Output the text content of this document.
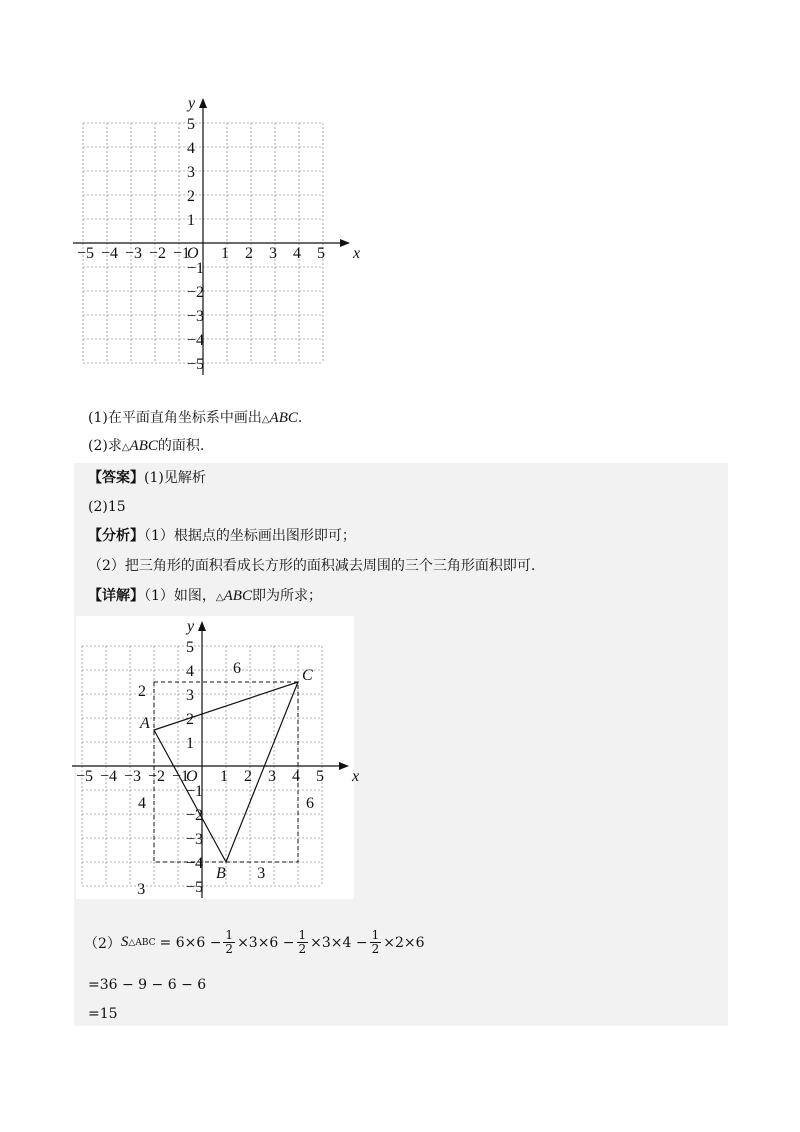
x
y
O
−5 −4 −3 −2 −1 1 2 3 4 5
5
4
3
2
1
−1
−2
−3
−4
−5
(1)在平面直角坐标系中画出△ABC.
(2)求△ABC的面积.
【答案】(1)见解析
(2)15
【分析】（1）根据点的坐标画出图形即可；
（2）把三角形的面积看成长方形的面积减去周围的三个三角形面积即可.
【详解】（1）如图，△ABC即为所求；
x
y
O
−5 −4 −3 −2 −1 1 2 3 4 5
5
4
3
2
1
−1
−2
−3
−4
−5
A
B
C
6
2
4	6
3
3
（2） S △ABC = $6\times 6 - \frac{1}{2} \times 3\times 6 - \frac{1}{2} \times 3\times 4 - \frac{1}{2} \times 2\times 6$
=36 − 9 − 6 − 6
=15
